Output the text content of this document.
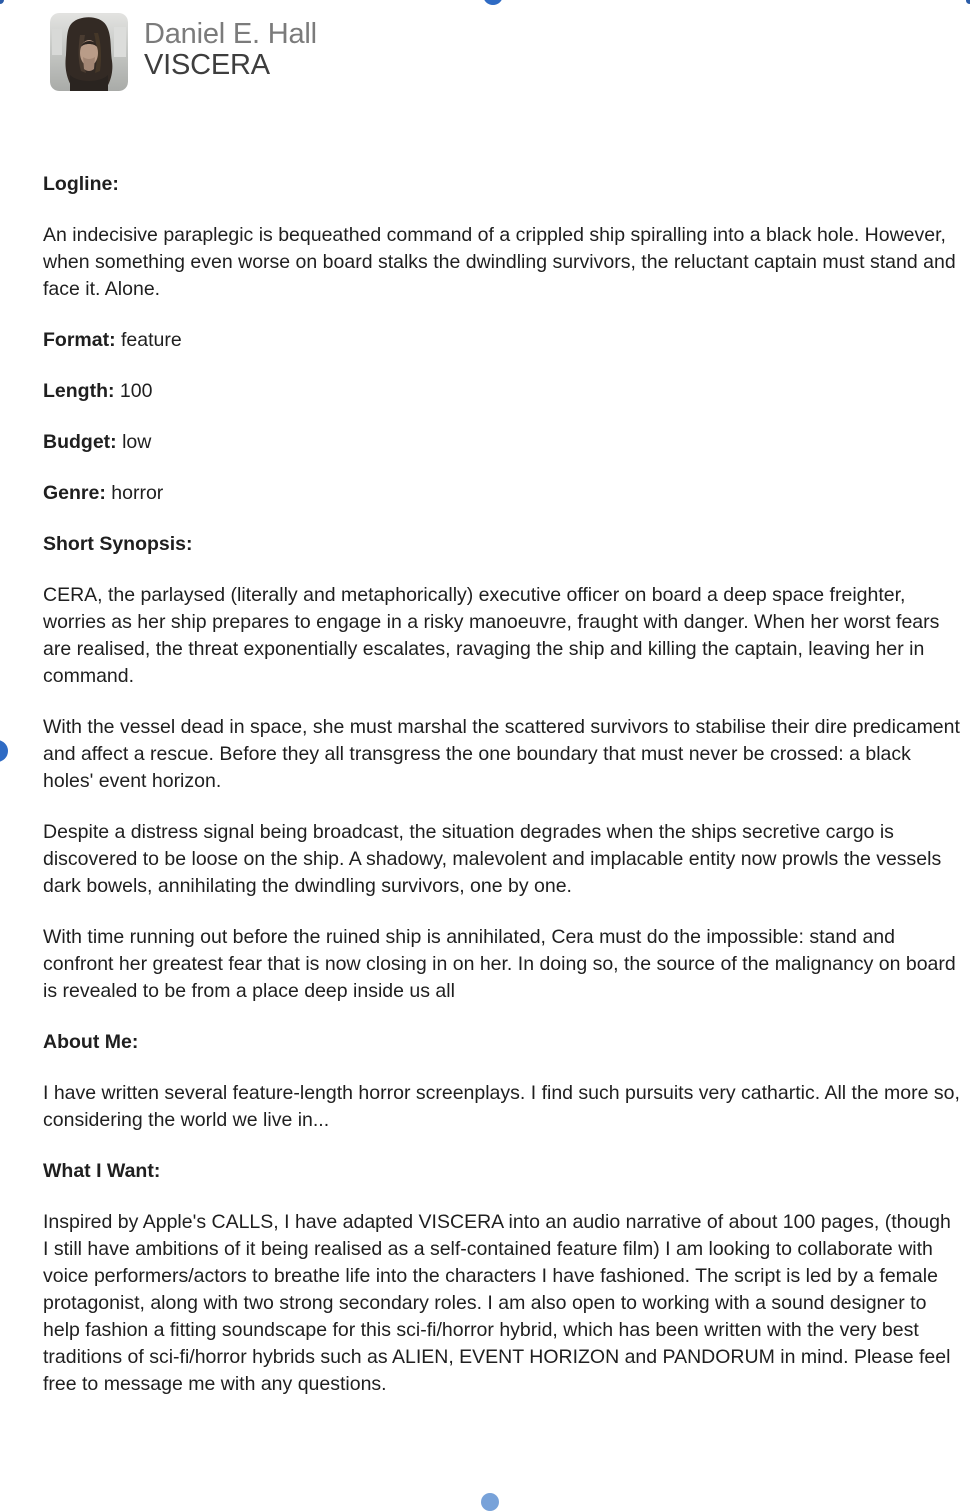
Daniel E. Hall
VISCERA
Logline:

An indecisive paraplegic is bequeathed command of a crippled ship spiralling into a black hole. However, when something even worse on board stalks the dwindling survivors, the reluctant captain must stand and face it. Alone.

Format: feature

Length: 100

Budget: low

Genre: horror

Short Synopsis:

CERA, the parlaysed (literally and metaphorically) executive officer on board a deep space freighter, worries as her ship prepares to engage in a risky manoeuvre, fraught with danger. When her worst fears are realised, the threat exponentially escalates, ravaging the ship and killing the captain, leaving her in command.

With the vessel dead in space, she must marshal the scattered survivors to stabilise their dire predicament and affect a rescue. Before they all transgress the one boundary that must never be crossed: a black holes' event horizon.

Despite a distress signal being broadcast, the situation degrades when the ships secretive cargo is discovered to be loose on the ship. A shadowy, malevolent and implacable entity now prowls the vessels dark bowels, annihilating the dwindling survivors, one by one.

With time running out before the ruined ship is annihilated, Cera must do the impossible: stand and confront her greatest fear that is now closing in on her. In doing so, the source of the malignancy on board is revealed to be from a place deep inside us all

About Me:

I have written several feature-length horror screenplays. I find such pursuits very cathartic. All the more so, considering the world we live in...

What I Want:

Inspired by Apple's CALLS, I have adapted VISCERA into an audio narrative of about 100 pages, (though I still have ambitions of it being realised as a self-contained feature film) I am looking to collaborate with voice performers/actors to breathe life into the characters I have fashioned. The script is led by a female protagonist, along with two strong secondary roles. I am also open to working with a sound designer to help fashion a fitting soundscape for this sci-fi/horror hybrid, which has been written with the very best traditions of sci-fi/horror hybrids such as ALIEN, EVENT HORIZON and PANDORUM in mind. Please feel free to message me with any questions.
